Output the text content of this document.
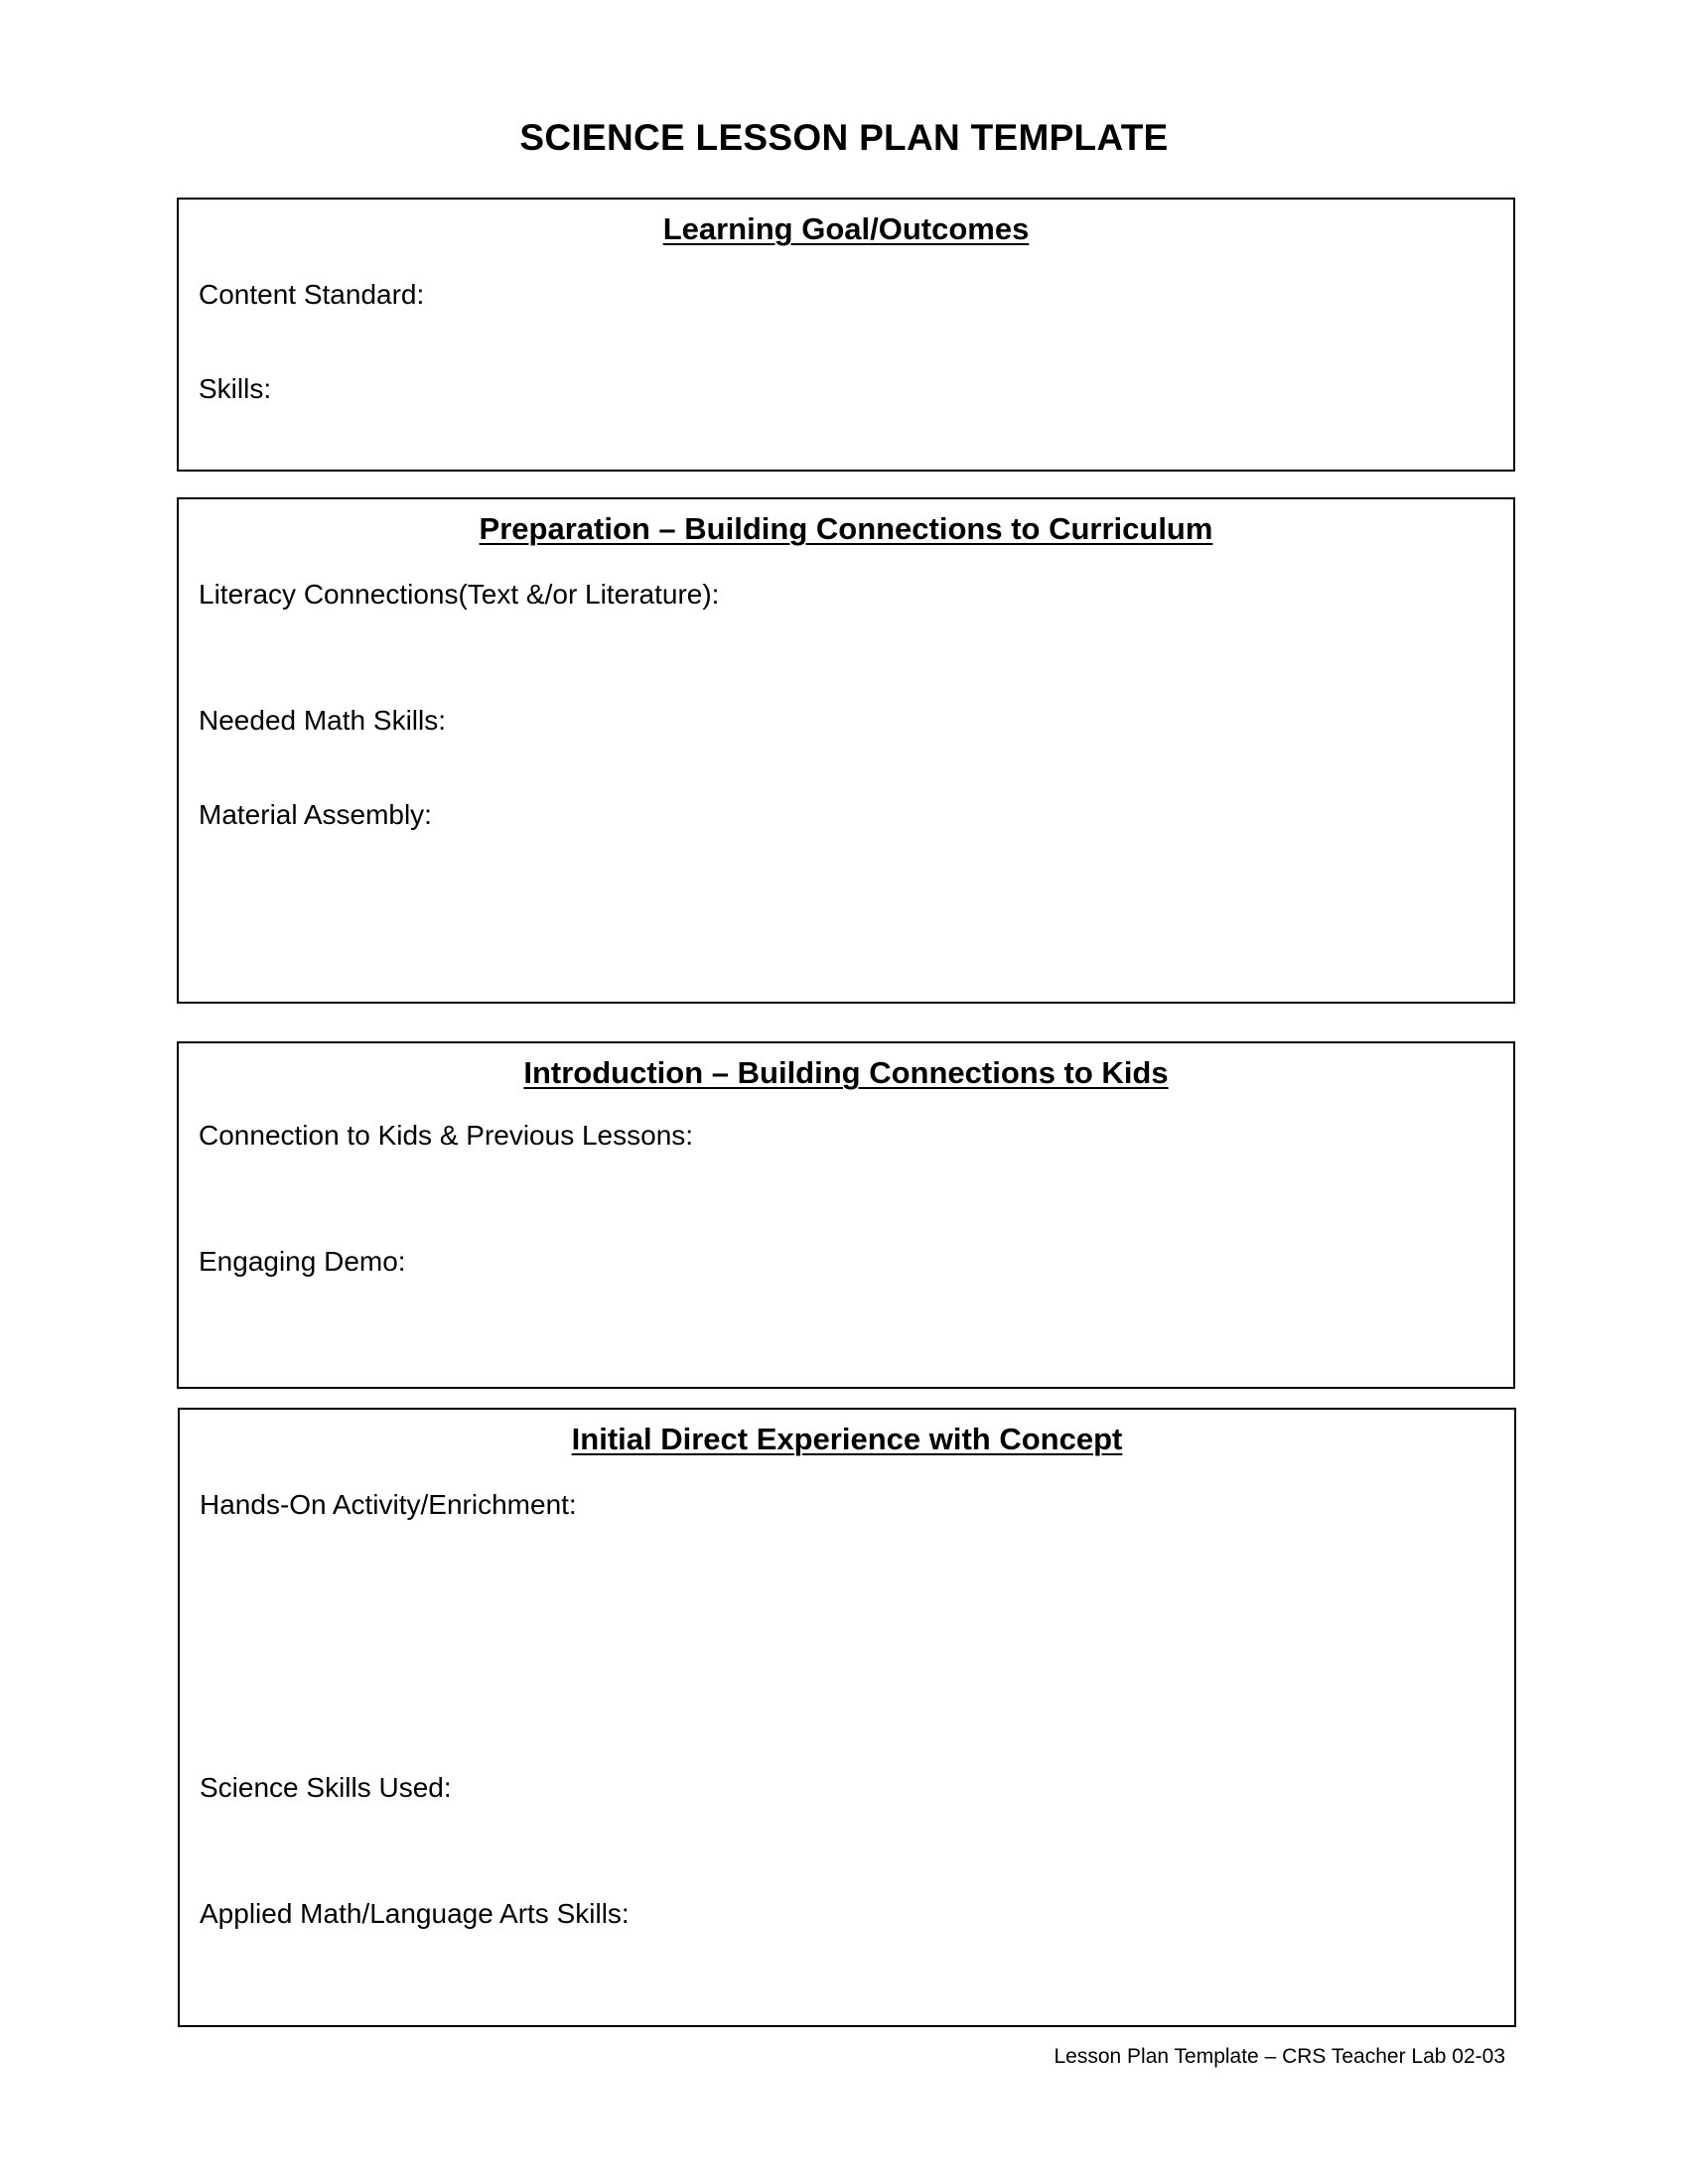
SCIENCE LESSON PLAN TEMPLATE
Learning Goal/Outcomes
Content Standard:
Skills:
Preparation – Building Connections to Curriculum
Literacy Connections(Text &/or Literature):
Needed Math Skills:
Material Assembly:
Introduction – Building Connections to Kids
Connection to Kids & Previous Lessons:
Engaging Demo:
Initial Direct Experience with Concept
Hands-On Activity/Enrichment:
Science Skills Used:
Applied Math/Language Arts Skills:
Lesson Plan Template – CRS Teacher Lab 02-03
